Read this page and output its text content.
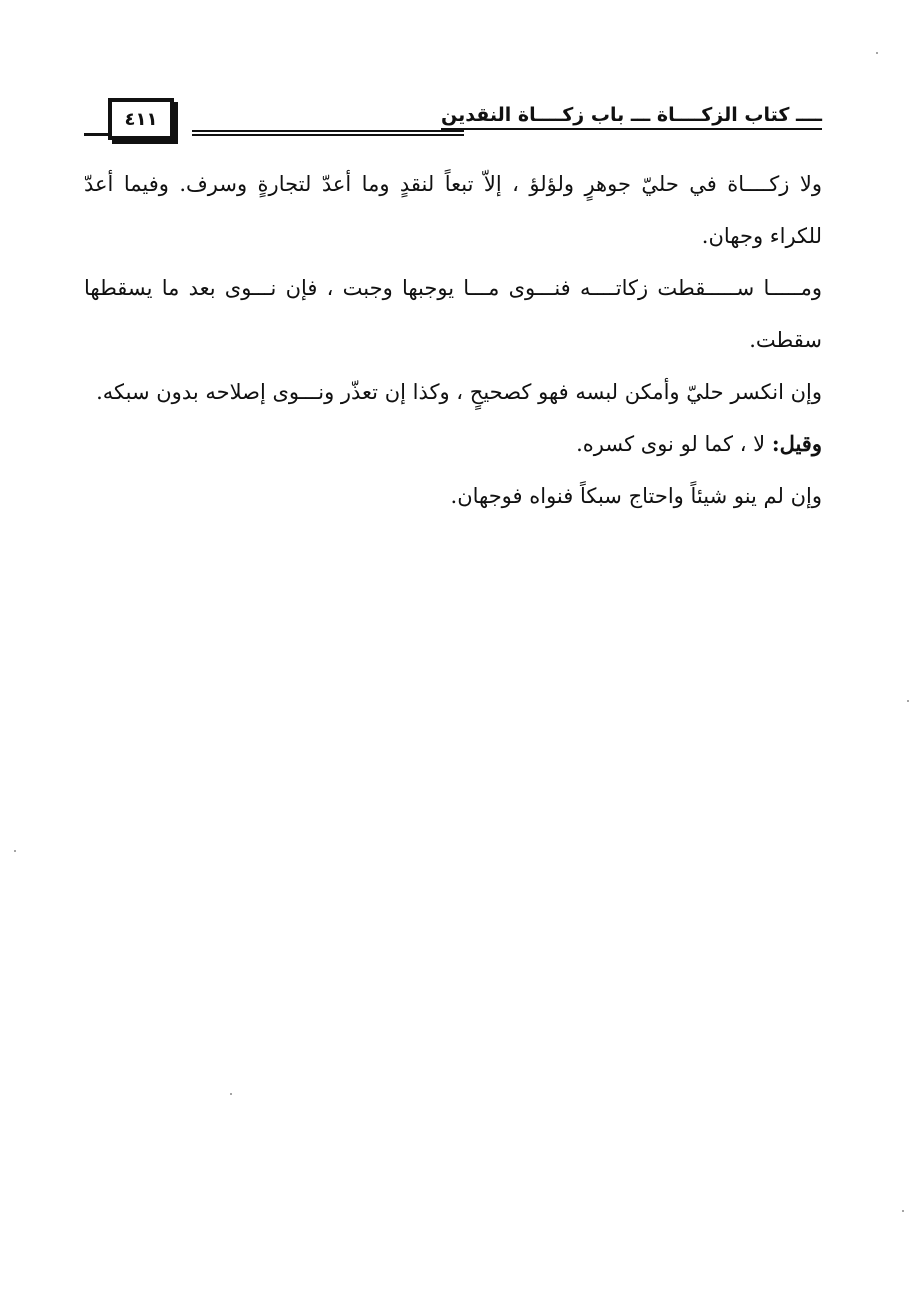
٤١١	ــــ كتاب الزكــــاة ـــ باب زكــــاة النقدين

ولا زكــــاة في حليّ جوهرٍ ولؤلؤ ، إلاّ تبعاً لنقدٍ وما أعدّ لتجارةٍ وسرف. وفيما أعدّ للكراء وجهان.

ومـــــا ســـــقطت زكاتــــه فنـــوى مـــا يوجبها وجبت ، فإن نـــوى بعد ما يسقطها سقطت.

وإن انكسر حليّ وأمكن لبسه فهو كصحيحٍ ، وكذا إن تعذّر ونـــوى إصلاحه بدون سبكه.

وقيل: لا ، كما لو نوى كسره.

وإن لم ينو شيئاً واحتاج سبكاً فنواه فوجهان.
